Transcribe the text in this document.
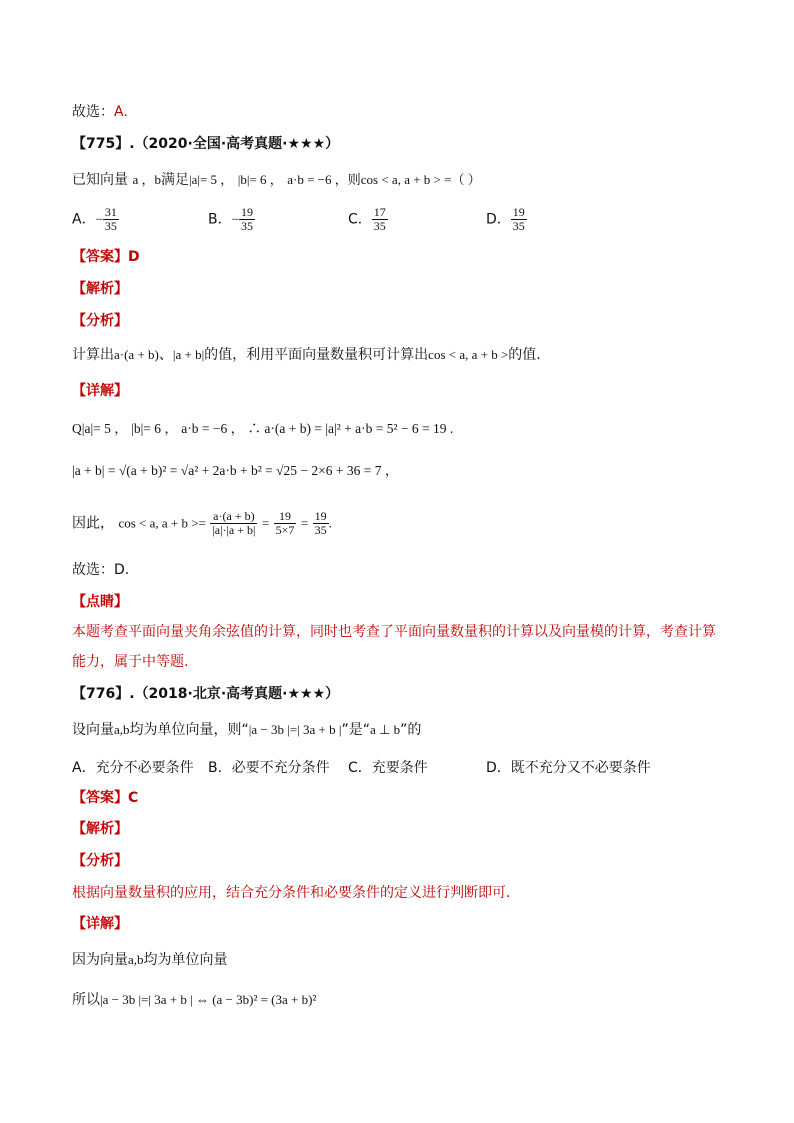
故选：A.
【775】.（2020·全国·高考真题·★★★）
已知向量 a ，b满足|a|= 5 ， |b|= 6 ， a·b = −6 ，则cos < a, a + b > =（ ）
A．− $\frac{31}{35}$	B．− $\frac{19}{35}$	C． $\frac{17}{35}$	D． $\frac{19}{35}$
【答案】D
【解析】
【分析】
计算出a·(a + b)、|a + b|的值，利用平面向量数量积可计算出cos < a, a + b >的值.
【详解】
Q|a|= 5 ， |b|= 6 ， a·b = −6 ， ∴ a·(a + b) = |a|² + a·b = 5² − 6 = 19 .
|a + b| = √(a + b)² = √a² + 2a·b + b² = √25 − 2×6 + 36 = 7 ，
因此， cos < a, $a + b >= \frac{a\cdot(a + b)}{|a|\cdot|a + b|} = \frac{19}{5\times 7} = \frac{19}{35}$ .
故选：D.
【点睛】
本题考查平面向量夹角余弦值的计算，同时也考查了平面向量数量积的计算以及向量模的计算，考查计算
能力，属于中等题.
【776】.（2018·北京·高考真题·★★★）
设向量a,b均为单位向量，则“|a − 3b |=| 3a + b |”是“a ⊥ b”的
A．充分不必要条件 B．必要不充分条件 C．充要条件	D．既不充分又不必要条件
【答案】C
【解析】
【分析】
根据向量数量积的应用，结合充分条件和必要条件的定义进行判断即可.
【详解】
因为向量a,b均为单位向量
所以|a − 3b |=| 3a + b | ⇔ (a − 3b)² = (3a + b)²
